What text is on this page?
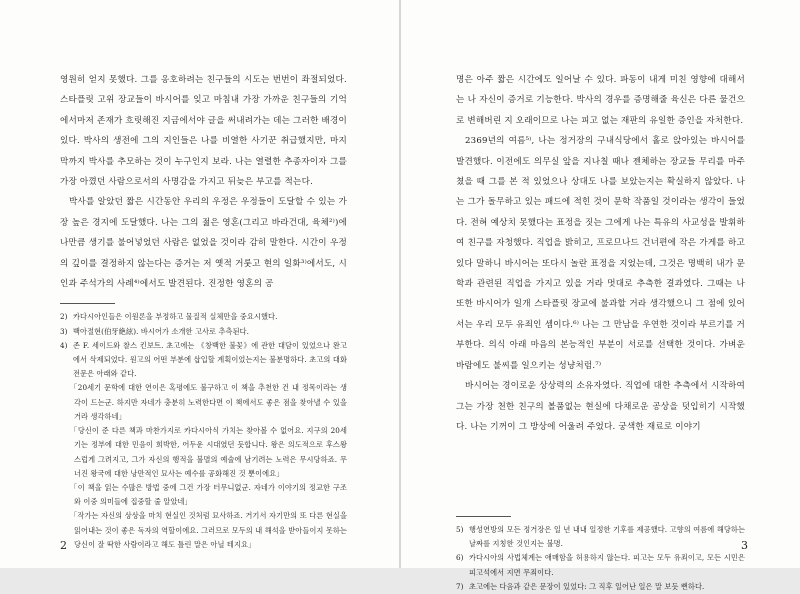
영원히 얻지 못했다. 그를 옹호하려는 친구들의 시도는 번번이 좌절되었다. 스타플릿 고위 장교들이 바시어를 잊고 마침내 가장 가까운 친구들의 기억에서마저 존재가 흐릿해진 지금에서야 글을 써내려가는 데는 그러한 배경이 있다. 박사의 생전에 그의 지인들은 나를 비열한 사기꾼 취급했지만, 마지막까지 박사를 추모하는 것이 누구인지 보라. 나는 열렬한 추종자이자 그를 가장 아꼈던 사람으로서의 사명감을 가지고 뒤늦은 부고를 적는다.

박사를 알았던 짧은 시간동안 우리의 우정은 우정들이 도달할 수 있는 가장 높은 경지에 도달했다. 나는 그의 젊은 영혼(그리고 바라건대, 육체²⁾)에 나만큼 생기를 불어넣었던 사람은 없었을 것이라 감히 말한다. 시간이 우정의 깊이를 결정하지 않는다는 증거는 저 옛적 거룻고 현의 일화³⁾에서도, 시인과 주석가의 사례⁴⁾에서도 발견된다. 진정한 영혼의 공

2) 카다시아인들은 이원론을 부정하고 물질적 실체만을 중요시했다.
3) 백아절현(伯牙絶絃). 바시어가 소개한 고사로 추측된다.
4) 존 F. 세이드와 찰스 킨보트. 초고에는 《창백한 불꽃》에 관한 대담이 있었으나 완고에서 삭제되었다. 원고의 어떤 부분에 삽입할 계획이었는지는 불분명하다. 초고의 대화 전문은 아래와 같다.
「20세기 문학에 대한 연이은 혹평에도 불구하고 이 책을 추천한 건 내 정목이라는 생각이 드는군. 하지만 자네가 충분히 노력한다면 이 책에서도 좋은 점을 찾아낼 수 있을 거라 생각하네」
「당신이 준 다른 책과 마찬가지로 카다시아식 가치는 찾아볼 수 없어요. 지구의 20세기는 정부에 대한 민음이 희박한, 어두운 시대였던 듯합니다. 왕은 의도적으로 후스왕스럽게 그려지고, 그가 자신의 행적을 불멸의 예술에 남기려는 노력은 무시당하죠. 무너진 왕국에 대한 낭만적인 묘사는 예수를 공화해진 것 뿐이에요」
「이 책을 읽는 수많은 방법 중에 그건 가장 터무니없군. 자네가 이야기의 정교한 구조와 이중 의미들에 집중할 줄 알았네」
「작가는 자신의 상상을 마치 현실인 것처럼 묘사하죠. 거기서 자기만의 또 다른 현실을 읽어내는 것이 좋은 독자의 역할이에요. 그러므로 모두의 내 해석을 받아들이지 못하는 당신이 잘 딱한 사람이라고 해도 틀린 말은 아닐 테지요」
2

명은 아주 짧은 시간에도 일어날 수 있다. 파동이 내게 미친 영향에 대해서는 나 자신이 증거로 기능한다. 박사의 경우를 증명해줄 육신은 다른 물건으로 변해버린 지 오래이므로 나는 피고 없는 재판의 유일한 증인을 자처한다.

2369년의 여름⁵⁾, 나는 정거장의 구내식당에서 홀로 앉아있는 바시어를 발견했다. 이전에도 의무실 앞을 지나칠 때나 젠체하는 장교들 무리를 마주쳤을 때 그를 본 적 있었으나 상대도 나를 보았는지는 확실하지 않았다. 나는 그가 돌무하고 있는 패드에 적힌 것이 문학 작품일 것이라는 생각이 들었다. 전혀 예상치 못했다는 표정을 짓는 그에게 나는 특유의 사교성을 발휘하여 친구를 자청했다. 직업을 밝히고, 프로므나드 건너편에 작은 가게를 하고 있다 말하니 바시어는 또다시 놀란 표정을 지었는데, 그것은 명백히 내가 문학과 관련된 직업을 가지고 있을 거라 멋대로 추측한 결과였다. 그때는 나 또한 바시어가 일개 스타플릿 장교에 불과할 거라 생각했으니 그 점에 있어서는 우리 모두 유죄인 셈이다.⁶⁾ 나는 그 만남을 우연한 것이라 부르기를 거부한다. 의식 아래 마음의 본능적인 부분이 서로를 선택한 것이다. 가벼운 바람에도 불씨를 일으키는 성냥처럼.⁷⁾

바시어는 경이로운 상상력의 소유자였다. 직업에 대한 추측에서 시작하여 그는 가장 천한 친구의 볼품없는 현실에 다채로운 공상을 덧입히기 시작했다. 나는 기꺼이 그 방상에 어울려 주었다. 궁색한 재료로 이야기

5) 행성연방의 모든 정거장은 일 년 내내 일정한 기후를 제공했다. 고향의 여름에 해당하는 날짜를 지칭한 것인지는 불명.
6) 카다시아의 사법체계는 애매함을 허용하지 않는다. 피고는 모두 유죄이고, 모든 시민은 피고석에서 지면 무죄이다.
7) 초고에는 다음과 같은 문장이 있었다: 그 직후 일어난 일은 말 보듯 뻔하다.
3
